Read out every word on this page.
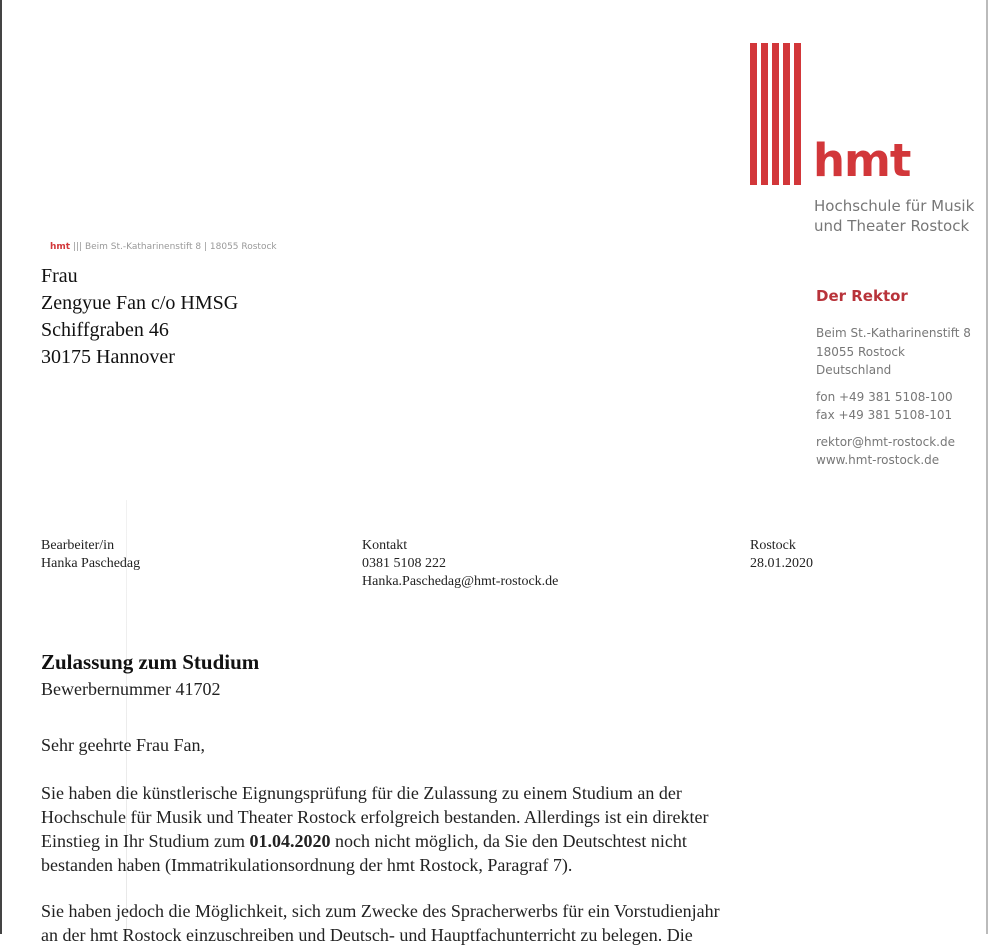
hmt
Hochschule für Musik
und Theater Rostock
hmt ||| Beim St.-Katharinenstift 8 | 18055 Rostock
Frau
Zengyue Fan c/o HMSG
Schiffgraben 46
30175 Hannover
Der Rektor
Beim St.-Katharinenstift 8
18055 Rostock
Deutschland
fon +49 381 5108-100
fax +49 381 5108-101
rektor@hmt-rostock.de
www.hmt-rostock.de
Bearbeiter/in
Hanka Paschedag
Kontakt
0381 5108 222
Hanka.Paschedag@hmt-rostock.de
Rostock
28.01.2020
Zulassung zum Studium
Bewerbernummer 41702
Sehr geehrte Frau Fan,
Sie haben die künstlerische Eignungsprüfung für die Zulassung zu einem Studium an der
Hochschule für Musik und Theater Rostock erfolgreich bestanden. Allerdings ist ein direkter
Einstieg in Ihr Studium zum 01.04.2020 noch nicht möglich, da Sie den Deutschtest nicht
bestanden haben (Immatrikulationsordnung der hmt Rostock, Paragraf 7).
Sie haben jedoch die Möglichkeit, sich zum Zwecke des Spracherwerbs für ein Vorstudienjahr
an der hmt Rostock einzuschreiben und Deutsch- und Hauptfachunterricht zu belegen. Die
